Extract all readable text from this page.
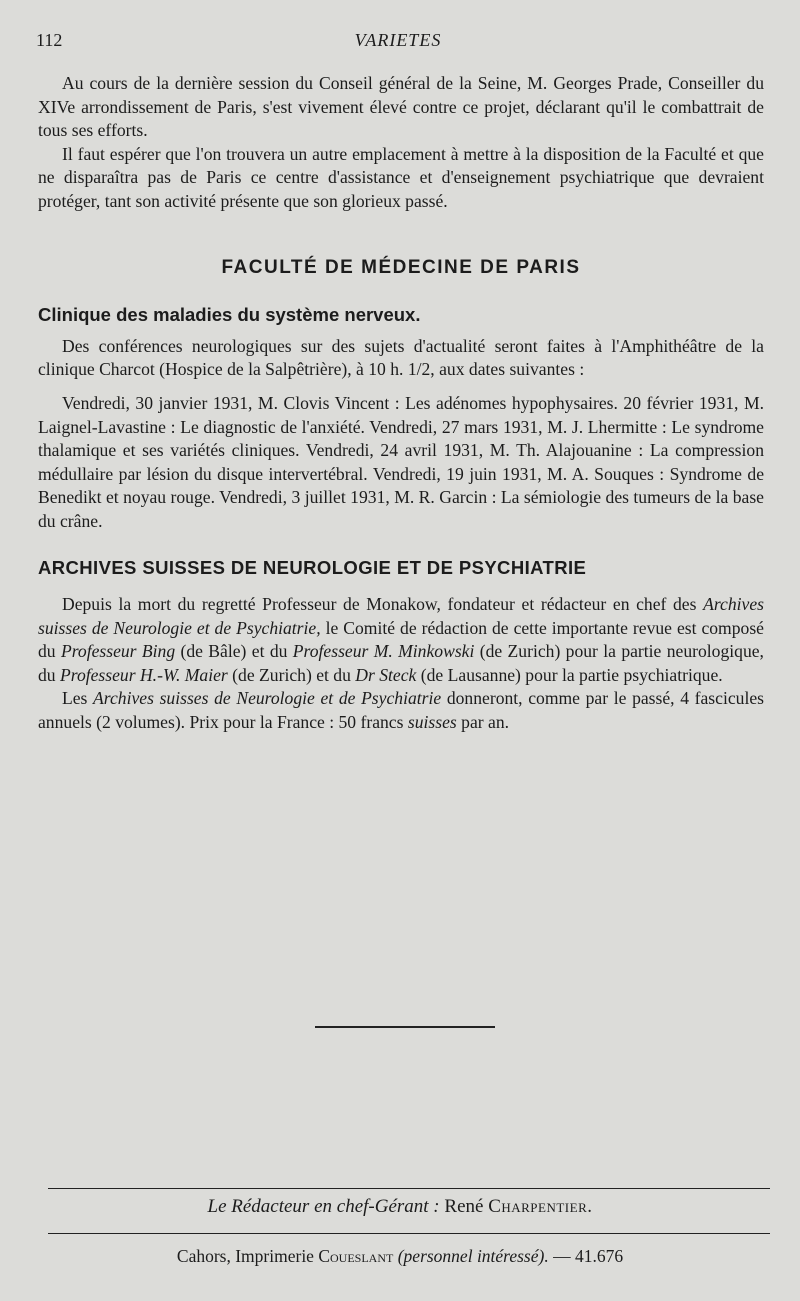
112	VARIETES

Au cours de la dernière session du Conseil général de la Seine, M. Georges Prade, Conseiller du XIVe arrondissement de Paris, s'est vivement élevé contre ce projet, déclarant qu'il le combattrait de tous ses efforts.

Il faut espérer que l'on trouvera un autre emplacement à mettre à la disposition de la Faculté et que ne disparaîtra pas de Paris ce centre d'assistance et d'enseignement psychiatrique que devraient protéger, tant son activité présente que son glorieux passé.

FACULTÉ DE MÉDECINE DE PARIS
Clinique des maladies du système nerveux.

Des conférences neurologiques sur des sujets d'actualité seront faites à l'Amphithéâtre de la clinique Charcot (Hospice de la Salpêtrière), à 10 h. 1/2, aux dates suivantes :

Vendredi, 30 janvier 1931, M. Clovis Vincent : Les adénomes hypophysaires. 20 février 1931, M. Laignel-Lavastine : Le diagnostic de l'anxiété. Vendredi, 27 mars 1931, M. J. Lhermitte : Le syndrome thalamique et ses variétés cliniques. Vendredi, 24 avril 1931, M. Th. Alajouanine : La compression médullaire par lésion du disque intervertébral. Vendredi, 19 juin 1931, M. A. Souques : Syndrome de Benedikt et noyau rouge. Vendredi, 3 juillet 1931, M. R. Garcin : La sémiologie des tumeurs de la base du crâne.

ARCHIVES SUISSES DE NEUROLOGIE ET DE PSYCHIATRIE

Depuis la mort du regretté Professeur de Monakow, fondateur et rédacteur en chef des Archives suisses de Neurologie et de Psychiatrie, le Comité de rédaction de cette importante revue est composé du Professeur Bing (de Bâle) et du Professeur M. Minkowski (de Zurich) pour la partie neurologique, du Professeur H.-W. Maier (de Zurich) et du Dr Steck (de Lausanne) pour la partie psychiatrique.

Les Archives suisses de Neurologie et de Psychiatrie donneront, comme par le passé, 4 fascicules annuels (2 volumes). Prix pour la France : 50 francs suisses par an.

Le Rédacteur en chef-Gérant : René Charpentier.
Cahors, Imprimerie Coueslant (personnel intéressé). — 41.676
